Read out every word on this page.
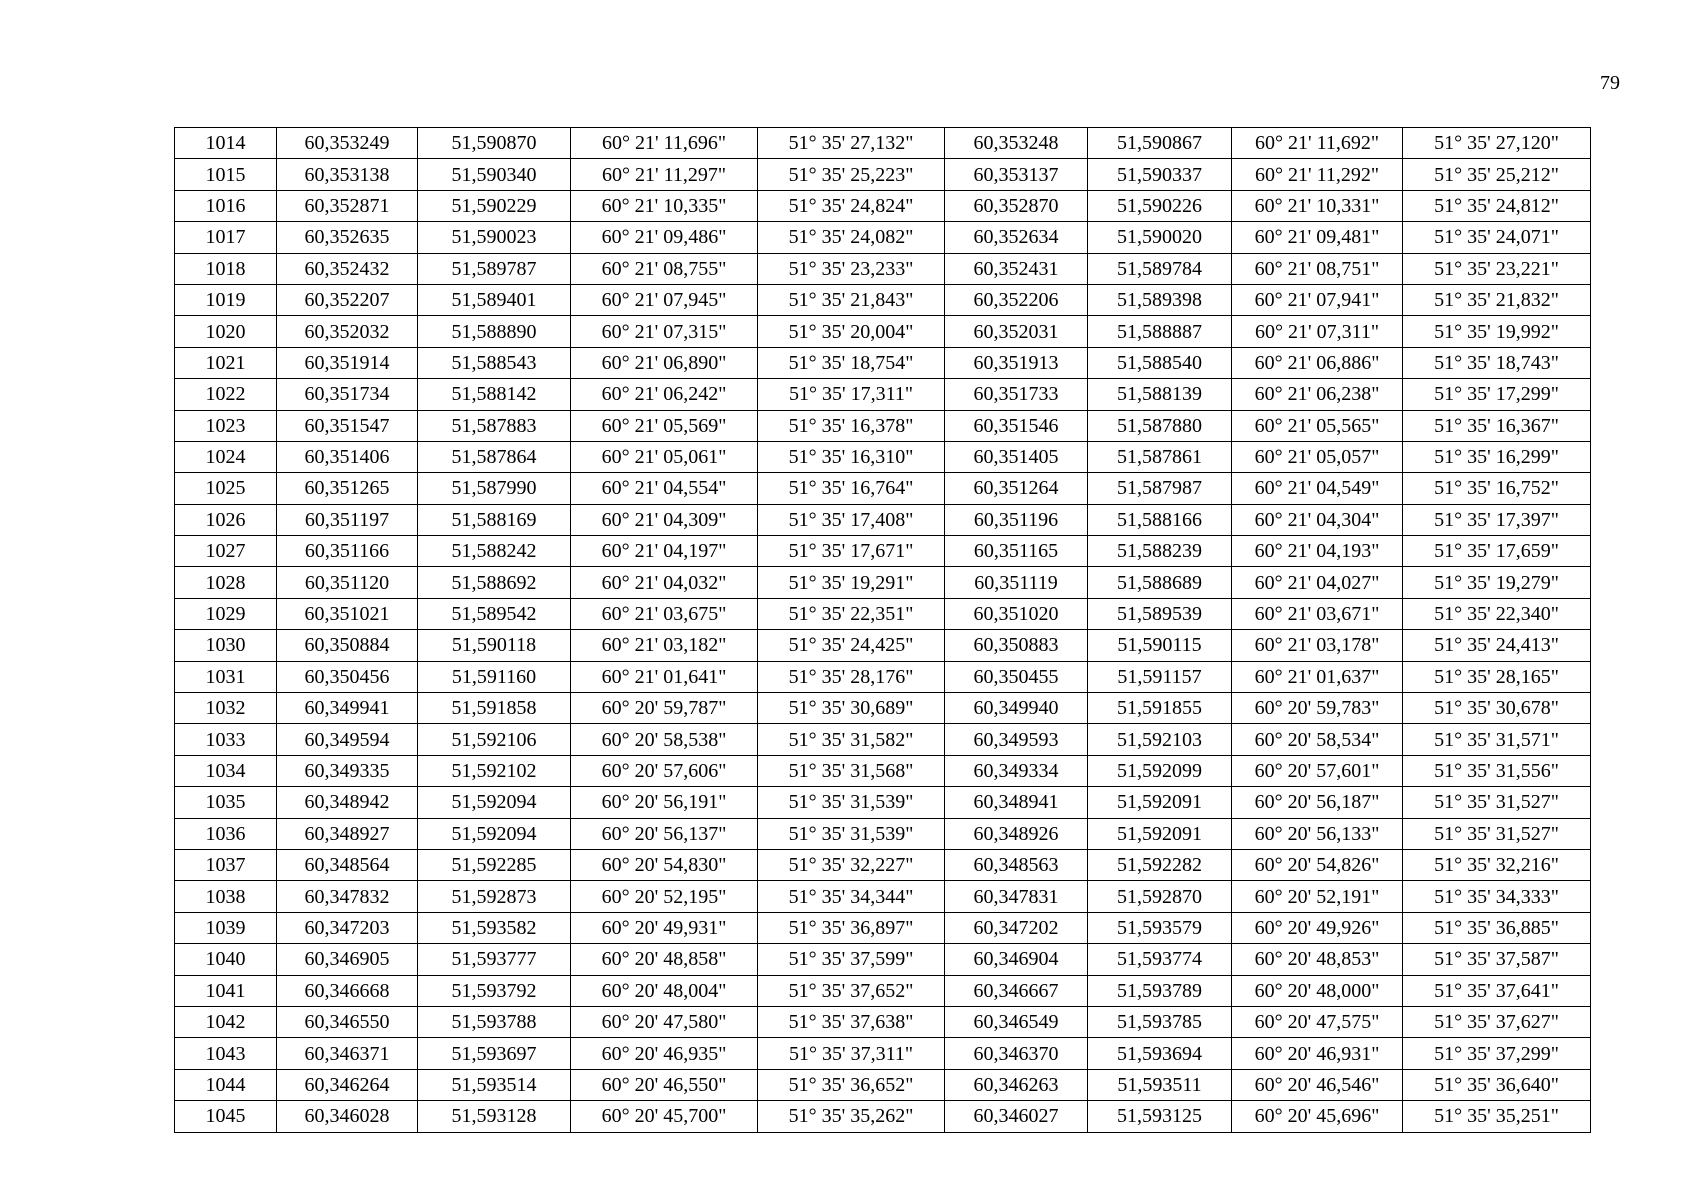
79
1014	60,353249	51,590870	60° 21' 11,696"	51° 35' 27,132"	60,353248	51,590867	60° 21' 11,692"	51° 35' 27,120"
1015	60,353138	51,590340	60° 21' 11,297"	51° 35' 25,223"	60,353137	51,590337	60° 21' 11,292"	51° 35' 25,212"
1016	60,352871	51,590229	60° 21' 10,335"	51° 35' 24,824"	60,352870	51,590226	60° 21' 10,331"	51° 35' 24,812"
1017	60,352635	51,590023	60° 21' 09,486"	51° 35' 24,082"	60,352634	51,590020	60° 21' 09,481"	51° 35' 24,071"
1018	60,352432	51,589787	60° 21' 08,755"	51° 35' 23,233"	60,352431	51,589784	60° 21' 08,751"	51° 35' 23,221"
1019	60,352207	51,589401	60° 21' 07,945"	51° 35' 21,843"	60,352206	51,589398	60° 21' 07,941"	51° 35' 21,832"
1020	60,352032	51,588890	60° 21' 07,315"	51° 35' 20,004"	60,352031	51,588887	60° 21' 07,311"	51° 35' 19,992"
1021	60,351914	51,588543	60° 21' 06,890"	51° 35' 18,754"	60,351913	51,588540	60° 21' 06,886"	51° 35' 18,743"
1022	60,351734	51,588142	60° 21' 06,242"	51° 35' 17,311"	60,351733	51,588139	60° 21' 06,238"	51° 35' 17,299"
1023	60,351547	51,587883	60° 21' 05,569"	51° 35' 16,378"	60,351546	51,587880	60° 21' 05,565"	51° 35' 16,367"
1024	60,351406	51,587864	60° 21' 05,061"	51° 35' 16,310"	60,351405	51,587861	60° 21' 05,057"	51° 35' 16,299"
1025	60,351265	51,587990	60° 21' 04,554"	51° 35' 16,764"	60,351264	51,587987	60° 21' 04,549"	51° 35' 16,752"
1026	60,351197	51,588169	60° 21' 04,309"	51° 35' 17,408"	60,351196	51,588166	60° 21' 04,304"	51° 35' 17,397"
1027	60,351166	51,588242	60° 21' 04,197"	51° 35' 17,671"	60,351165	51,588239	60° 21' 04,193"	51° 35' 17,659"
1028	60,351120	51,588692	60° 21' 04,032"	51° 35' 19,291"	60,351119	51,588689	60° 21' 04,027"	51° 35' 19,279"
1029	60,351021	51,589542	60° 21' 03,675"	51° 35' 22,351"	60,351020	51,589539	60° 21' 03,671"	51° 35' 22,340"
1030	60,350884	51,590118	60° 21' 03,182"	51° 35' 24,425"	60,350883	51,590115	60° 21' 03,178"	51° 35' 24,413"
1031	60,350456	51,591160	60° 21' 01,641"	51° 35' 28,176"	60,350455	51,591157	60° 21' 01,637"	51° 35' 28,165"
1032	60,349941	51,591858	60° 20' 59,787"	51° 35' 30,689"	60,349940	51,591855	60° 20' 59,783"	51° 35' 30,678"
1033	60,349594	51,592106	60° 20' 58,538"	51° 35' 31,582"	60,349593	51,592103	60° 20' 58,534"	51° 35' 31,571"
1034	60,349335	51,592102	60° 20' 57,606"	51° 35' 31,568"	60,349334	51,592099	60° 20' 57,601"	51° 35' 31,556"
1035	60,348942	51,592094	60° 20' 56,191"	51° 35' 31,539"	60,348941	51,592091	60° 20' 56,187"	51° 35' 31,527"
1036	60,348927	51,592094	60° 20' 56,137"	51° 35' 31,539"	60,348926	51,592091	60° 20' 56,133"	51° 35' 31,527"
1037	60,348564	51,592285	60° 20' 54,830"	51° 35' 32,227"	60,348563	51,592282	60° 20' 54,826"	51° 35' 32,216"
1038	60,347832	51,592873	60° 20' 52,195"	51° 35' 34,344"	60,347831	51,592870	60° 20' 52,191"	51° 35' 34,333"
1039	60,347203	51,593582	60° 20' 49,931"	51° 35' 36,897"	60,347202	51,593579	60° 20' 49,926"	51° 35' 36,885"
1040	60,346905	51,593777	60° 20' 48,858"	51° 35' 37,599"	60,346904	51,593774	60° 20' 48,853"	51° 35' 37,587"
1041	60,346668	51,593792	60° 20' 48,004"	51° 35' 37,652"	60,346667	51,593789	60° 20' 48,000"	51° 35' 37,641"
1042	60,346550	51,593788	60° 20' 47,580"	51° 35' 37,638"	60,346549	51,593785	60° 20' 47,575"	51° 35' 37,627"
1043	60,346371	51,593697	60° 20' 46,935"	51° 35' 37,311"	60,346370	51,593694	60° 20' 46,931"	51° 35' 37,299"
1044	60,346264	51,593514	60° 20' 46,550"	51° 35' 36,652"	60,346263	51,593511	60° 20' 46,546"	51° 35' 36,640"
1045	60,346028	51,593128	60° 20' 45,700"	51° 35' 35,262"	60,346027	51,593125	60° 20' 45,696"	51° 35' 35,251"
